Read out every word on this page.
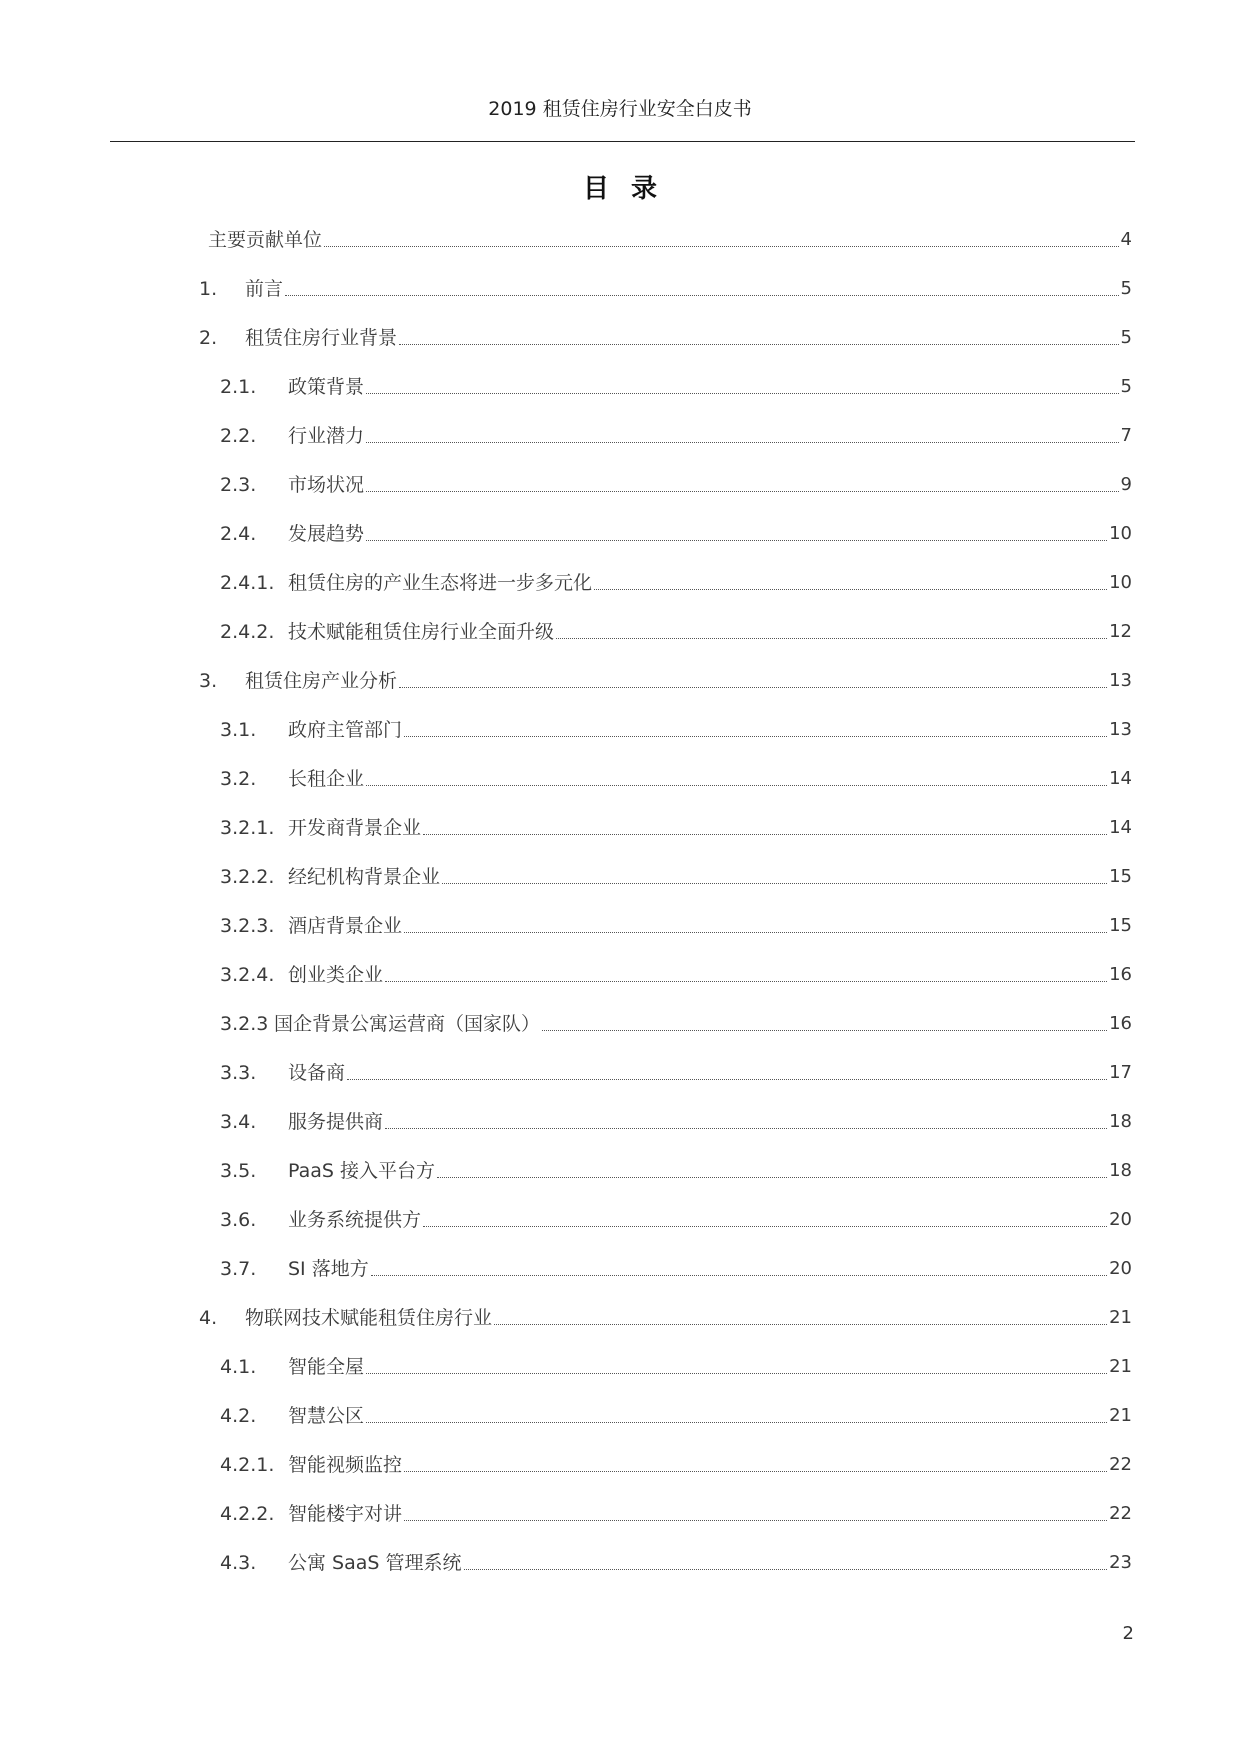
2019 租赁住房行业安全白皮书
目录
主要贡献单位	4
1.	前言	5
2.	租赁住房行业背景	5
2.1.	政策背景	5
2.2.	行业潜力	7
2.3.	市场状况	9
2.4.	发展趋势	10
2.4.1. 租赁住房的产业生态将进一步多元化	10
2.4.2. 技术赋能租赁住房行业全面升级	12
3.	租赁住房产业分析	13
3.1.	政府主管部门	13
3.2.	长租企业	14
3.2.1. 开发商背景企业	14
3.2.2. 经纪机构背景企业	15
3.2.3. 酒店背景企业	15
3.2.4. 创业类企业	16
3.2.3 国企背景公寓运营商（国家队）	16
3.3.	设备商	17
3.4.	服务提供商	18
3.5.	PaaS 接入平台方	18
3.6.	业务系统提供方	20
3.7.	SI 落地方	20
4.	物联网技术赋能租赁住房行业	21
4.1.	智能全屋	21
4.2.	智慧公区	21
4.2.1. 智能视频监控	22
4.2.2. 智能楼宇对讲	22
4.3.	公寓 SaaS 管理系统	23
2
